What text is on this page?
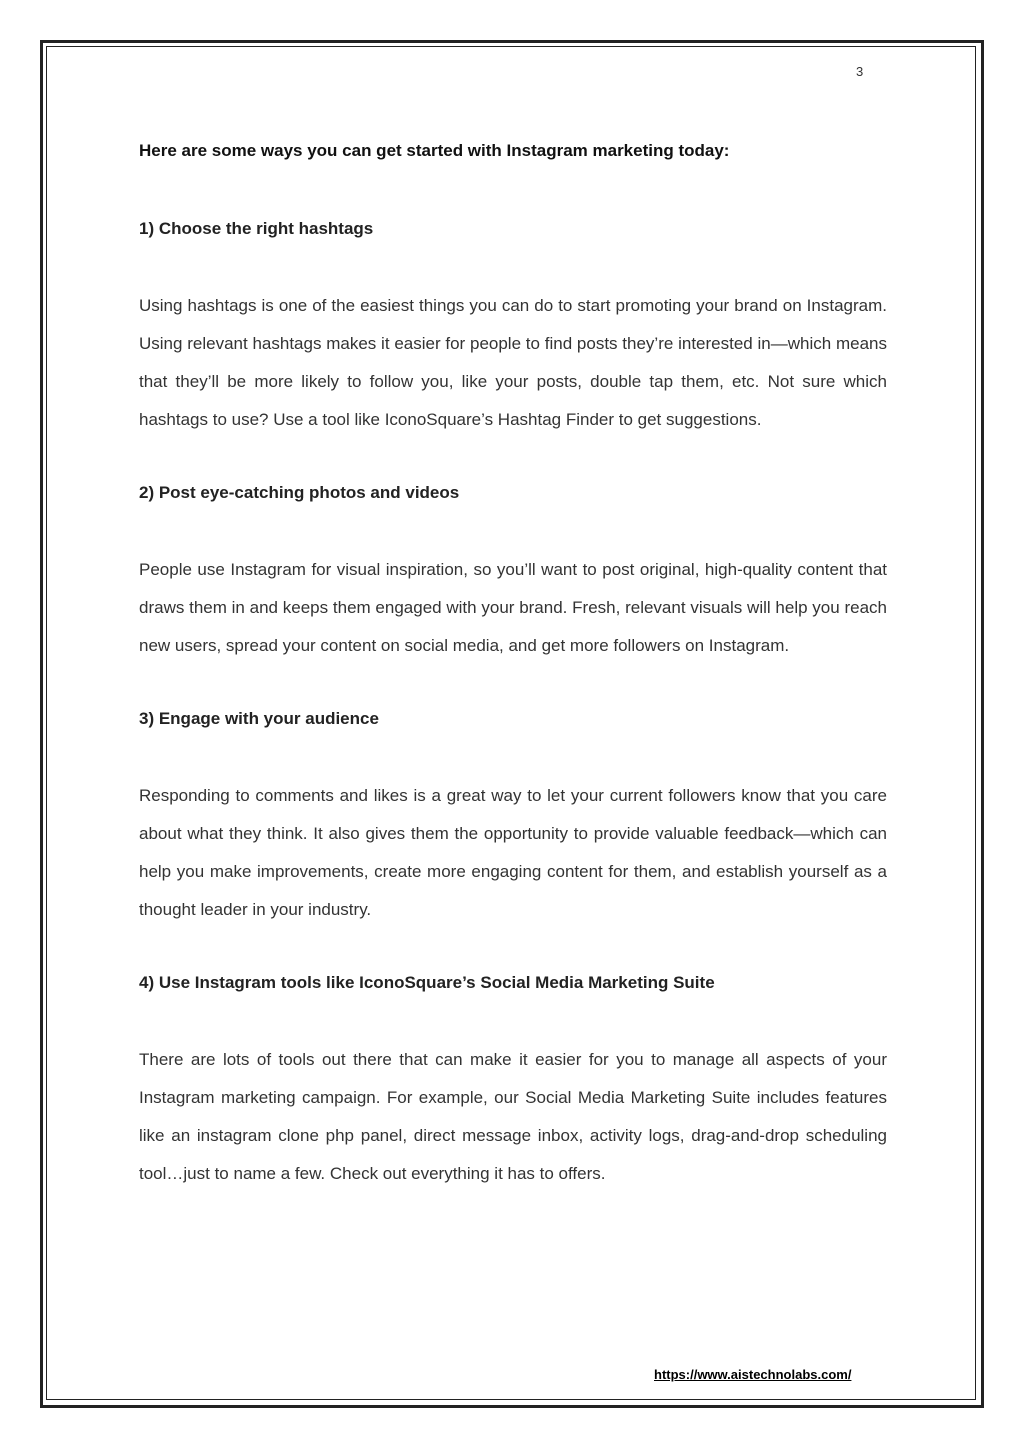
3

Here are some ways you can get started with Instagram marketing today:

1) Choose the right hashtags

Using hashtags is one of the easiest things you can do to start promoting your brand on Instagram. Using relevant hashtags makes it easier for people to find posts they’re interested in—which means that they’ll be more likely to follow you, like your posts, double tap them, etc. Not sure which hashtags to use? Use a tool like IconoSquare’s Hashtag Finder to get suggestions.

2) Post eye-catching photos and videos

People use Instagram for visual inspiration, so you’ll want to post original, high-quality content that draws them in and keeps them engaged with your brand. Fresh, relevant visuals will help you reach new users, spread your content on social media, and get more followers on Instagram.

3) Engage with your audience

Responding to comments and likes is a great way to let your current followers know that you care about what they think. It also gives them the opportunity to provide valuable feedback—which can help you make improvements, create more engaging content for them, and establish yourself as a thought leader in your industry.

4) Use Instagram tools like IconoSquare’s Social Media Marketing Suite

There are lots of tools out there that can make it easier for you to manage all aspects of your Instagram marketing campaign. For example, our Social Media Marketing Suite includes features like an instagram clone php panel, direct message inbox, activity logs, drag-and-drop scheduling tool…just to name a few. Check out everything it has to offers.

https://www.aistechnolabs.com/
